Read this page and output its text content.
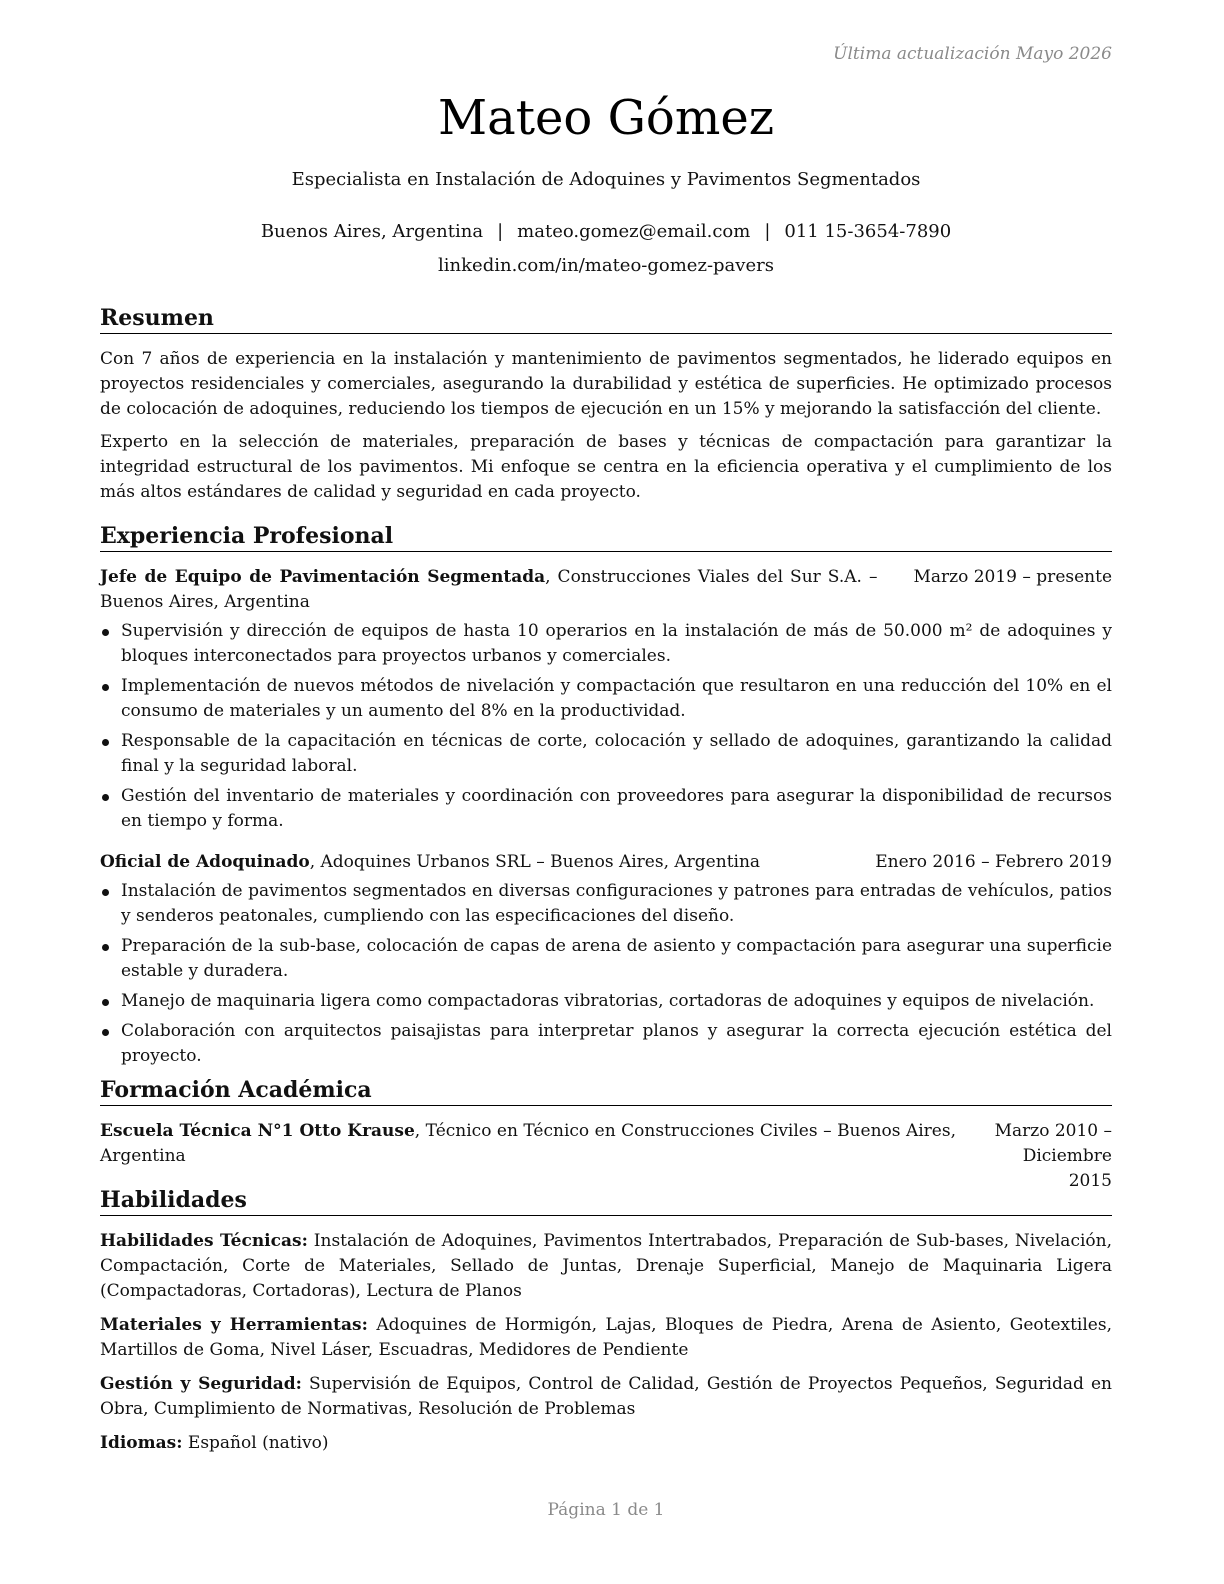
Última actualización Mayo 2026
Mateo Gómez
Especialista en Instalación de Adoquines y Pavimentos Segmentados
Buenos Aires, Argentina | mateo.gomez@email.com | 011 15-3654-7890
linkedin.com/in/mateo-gomez-pavers
Resumen

Con 7 años de experiencia en la instalación y mantenimiento de pavimentos segmentados, he liderado equipos en proyectos residenciales y comerciales, asegurando la durabilidad y estética de superficies. He optimizado procesos de colocación de adoquines, reduciendo los tiempos de ejecución en un 15% y mejorando la satisfacción del cliente.

Experto en la selección de materiales, preparación de bases y técnicas de compactación para garantizar la integridad estructural de los pavimentos. Mi enfoque se centra en la eficiencia operativa y el cumplimiento de los más altos estándares de calidad y seguridad en cada proyecto.

Experiencia Profesional
Jefe de Equipo de Pavimentación Segmentada, Construcciones Viales del Sur S.A. – Buenos Aires, Argentina
Marzo 2019 – presente
Supervisión y dirección de equipos de hasta 10 operarios en la instalación de más de 50.000 m² de adoquines y bloques interconectados para proyectos urbanos y comerciales.
Implementación de nuevos métodos de nivelación y compactación que resultaron en una reducción del 10% en el consumo de materiales y un aumento del 8% en la productividad.
Responsable de la capacitación en técnicas de corte, colocación y sellado de adoquines, garantizando la calidad final y la seguridad laboral.
Gestión del inventario de materiales y coordinación con proveedores para asegurar la disponibilidad de recursos en tiempo y forma.
Oficial de Adoquinado, Adoquines Urbanos SRL – Buenos Aires, Argentina	Enero 2016 – Febrero 2019
Instalación de pavimentos segmentados en diversas configuraciones y patrones para entradas de vehículos, patios y senderos peatonales, cumpliendo con las especificaciones del diseño.
Preparación de la sub-base, colocación de capas de arena de asiento y compactación para asegurar una superficie estable y duradera.
Manejo de maquinaria ligera como compactadoras vibratorias, cortadoras de adoquines y equipos de nivelación.
Colaboración con arquitectos paisajistas para interpretar planos y asegurar la correcta ejecución estética del proyecto.
Formación Académica
Escuela Técnica N°1 Otto Krause, Técnico en Técnico en Construcciones Civiles – Buenos Aires, Argentina
Marzo 2010 – Diciembre 2015
Habilidades

Habilidades Técnicas: Instalación de Adoquines, Pavimentos Intertrabados, Preparación de Sub-bases, Nivelación, Compactación, Corte de Materiales, Sellado de Juntas, Drenaje Superficial, Manejo de Maquinaria Ligera (Compactadoras, Cortadoras), Lectura de Planos

Materiales y Herramientas: Adoquines de Hormigón, Lajas, Bloques de Piedra, Arena de Asiento, Geotextiles, Martillos de Goma, Nivel Láser, Escuadras, Medidores de Pendiente

Gestión y Seguridad: Supervisión de Equipos, Control de Calidad, Gestión de Proyectos Pequeños, Seguridad en Obra, Cumplimiento de Normativas, Resolución de Problemas

Idiomas: Español (nativo)

Página 1 de 1
